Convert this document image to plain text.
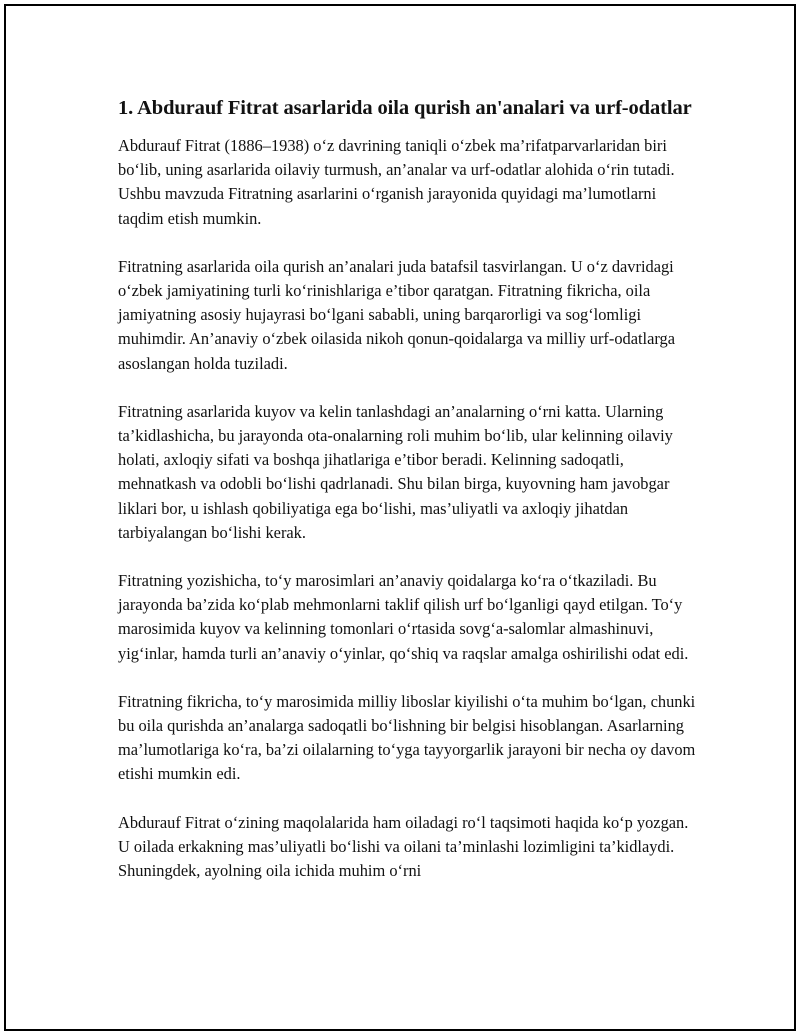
1. Abdurauf Fitrat asarlarida oila qurish an'analari va urf-odatlar

Abdurauf Fitrat (1886–1938) o‘z davrining taniqli o‘zbek ma’rifatparvarlaridan biri bo‘lib, uning asarlarida oilaviy turmush, an’analar va urf-odatlar alohida o‘rin tutadi. Ushbu mavzuda Fitratning asarlarini o‘rganish jarayonida quyidagi ma’lumotlarni taqdim etish mumkin.

Fitratning asarlarida oila qurish an’analari juda batafsil tasvirlangan. U o‘z davridagi o‘zbek jamiyatining turli ko‘rinishlariga e’tibor qaratgan. Fitratning fikricha, oila jamiyatning asosiy hujayrasi bo‘lgani sababli, uning barqarorligi va sog‘lomligi muhimdir. An’anaviy o‘zbek oilasida nikoh qonun-qoidalarga va milliy urf-odatlarga asoslangan holda tuziladi.

Fitratning asarlarida kuyov va kelin tanlashdagi an’analarning o‘rni katta. Ularning ta’kidlashicha, bu jarayonda ota-onalarning roli muhim bo‘lib, ular kelinning oilaviy holati, axloqiy sifati va boshqa jihatlariga e’tibor beradi. Kelinning sadoqatli, mehnatkash va odobli bo‘lishi qadrlanadi. Shu bilan birga, kuyovning ham javobgar liklari bor, u ishlash qobiliyatiga ega bo‘lishi, mas’uliyatli va axloqiy jihatdan tarbiyalangan bo‘lishi kerak.

Fitratning yozishicha, to‘y marosimlari an’anaviy qoidalarga ko‘ra o‘tkaziladi. Bu jarayonda ba’zida ko‘plab mehmonlarni taklif qilish urf bo‘lganligi qayd etilgan. To‘y marosimida kuyov va kelinning tomonlari o‘rtasida sovg‘a-salomlar almashinuvi, yig‘inlar, hamda turli an’anaviy o‘yinlar, qo‘shiq va raqslar amalga oshirilishi odat edi.

Fitratning fikricha, to‘y marosimida milliy liboslar kiyilishi o‘ta muhim bo‘lgan, chunki bu oila qurishda an’analarga sadoqatli bo‘lishning bir belgisi hisoblangan. Asarlarning ma’lumotlariga ko‘ra, ba’zi oilalarning to‘yga tayyorgarlik jarayoni bir necha oy davom etishi mumkin edi.

Abdurauf Fitrat o‘zining maqolalarida ham oiladagi ro‘l taqsimoti haqida ko‘p yozgan. U oilada erkakning mas’uliyatli bo‘lishi va oilani ta’minlashi lozimligini ta’kidlaydi. Shuningdek, ayolning oila ichida muhim o‘rni
